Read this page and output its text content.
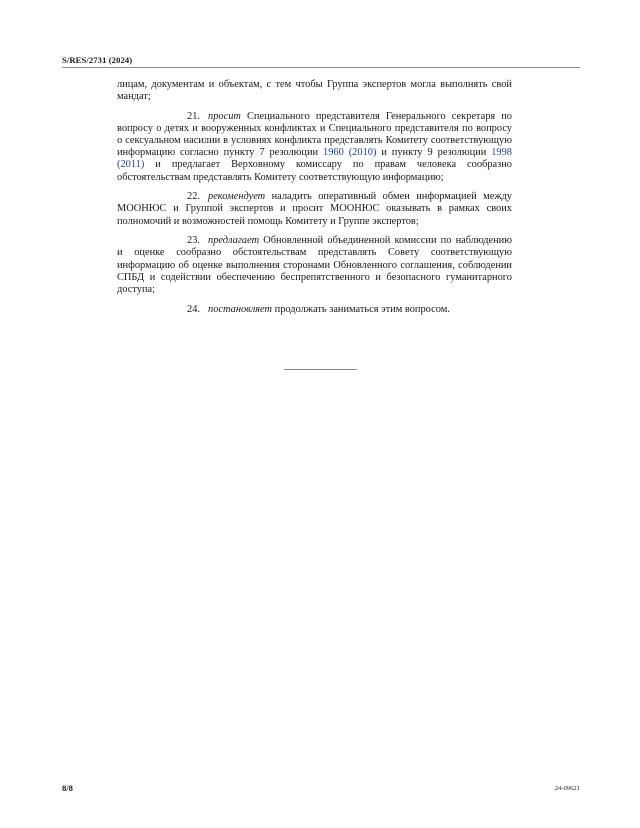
S/RES/2731 (2024)

лицам, документам и объектам, с тем чтобы Группа экспертов могла выполнять свой мандат;

21. просит Специального представителя Генерального секретаря по вопросу о детях и вооруженных конфликтах и Специального представителя по вопросу о сексуальном насилии в условиях конфликта представлять Комитету соответствующую информацию согласно пункту 7 резолюции 1960 (2010) и пункту 9 резолюции 1998 (2011) и предлагает Верховному комиссару по правам человека сообразно обстоятельствам представлять Комитету соответствующую информацию;

22. рекомендует наладить оперативный обмен информацией между МООНЮС и Группой экспертов и просит МООНЮС оказывать в рамках своих полномочий и возможностей помощь Комитету и Группе экспертов;

23. предлагает Обновленной объединенной комиссии по наблюдению и оценке сообразно обстоятельствам представлять Совету соответствующую информацию об оценке выполнения сторонами Обновленного соглашения, соблюдении СПБД и содействии обеспечению беспрепятственного и безопасного гуманитарного доступа;

24. постановляет продолжать заниматься этим вопросом.

8/8	24-09621
